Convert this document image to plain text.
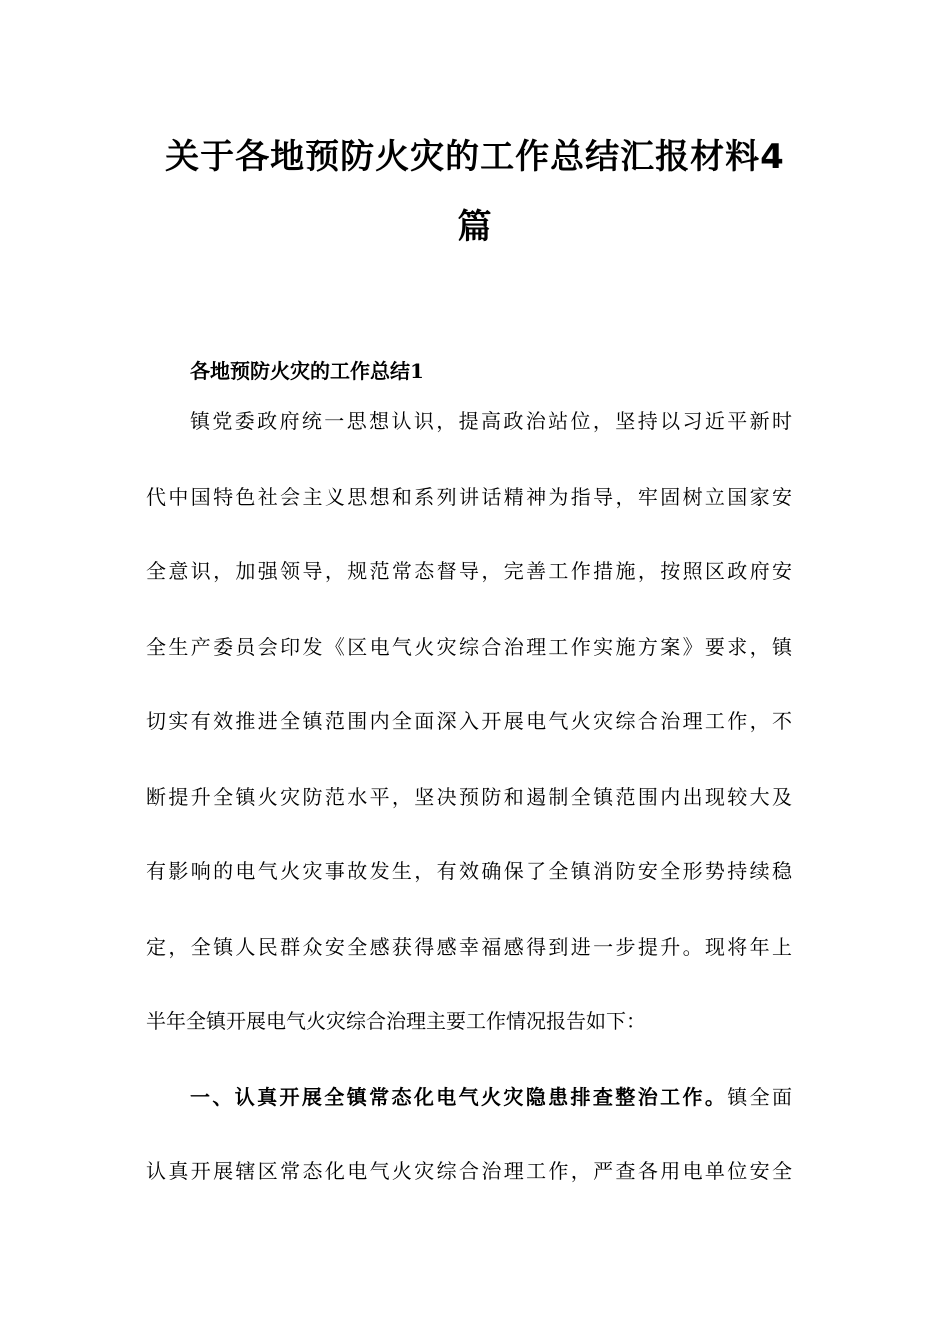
关于各地预防火灾的工作总结汇报材料4
篇
各地预防火灾的工作总结1

镇党委政府统一思想认识，提高政治站位，坚持以习近平新时

代中国特色社会主义思想和系列讲话精神为指导，牢固树立国家安

全意识，加强领导，规范常态督导，完善工作措施，按照区政府安

全生产委员会印发《区电气火灾综合治理工作实施方案》要求，镇

切实有效推进全镇范围内全面深入开展电气火灾综合治理工作，不

断提升全镇火灾防范水平，坚决预防和遏制全镇范围内出现较大及

有影响的电气火灾事故发生，有效确保了全镇消防安全形势持续稳

定，全镇人民群众安全感获得感幸福感得到进一步提升。现将年上

半年全镇开展电气火灾综合治理主要工作情况报告如下：

一、认真开展全镇常态化电气火灾隐患排查整治工作。镇全面

认真开展辖区常态化电气火灾综合治理工作，严查各用电单位安全
